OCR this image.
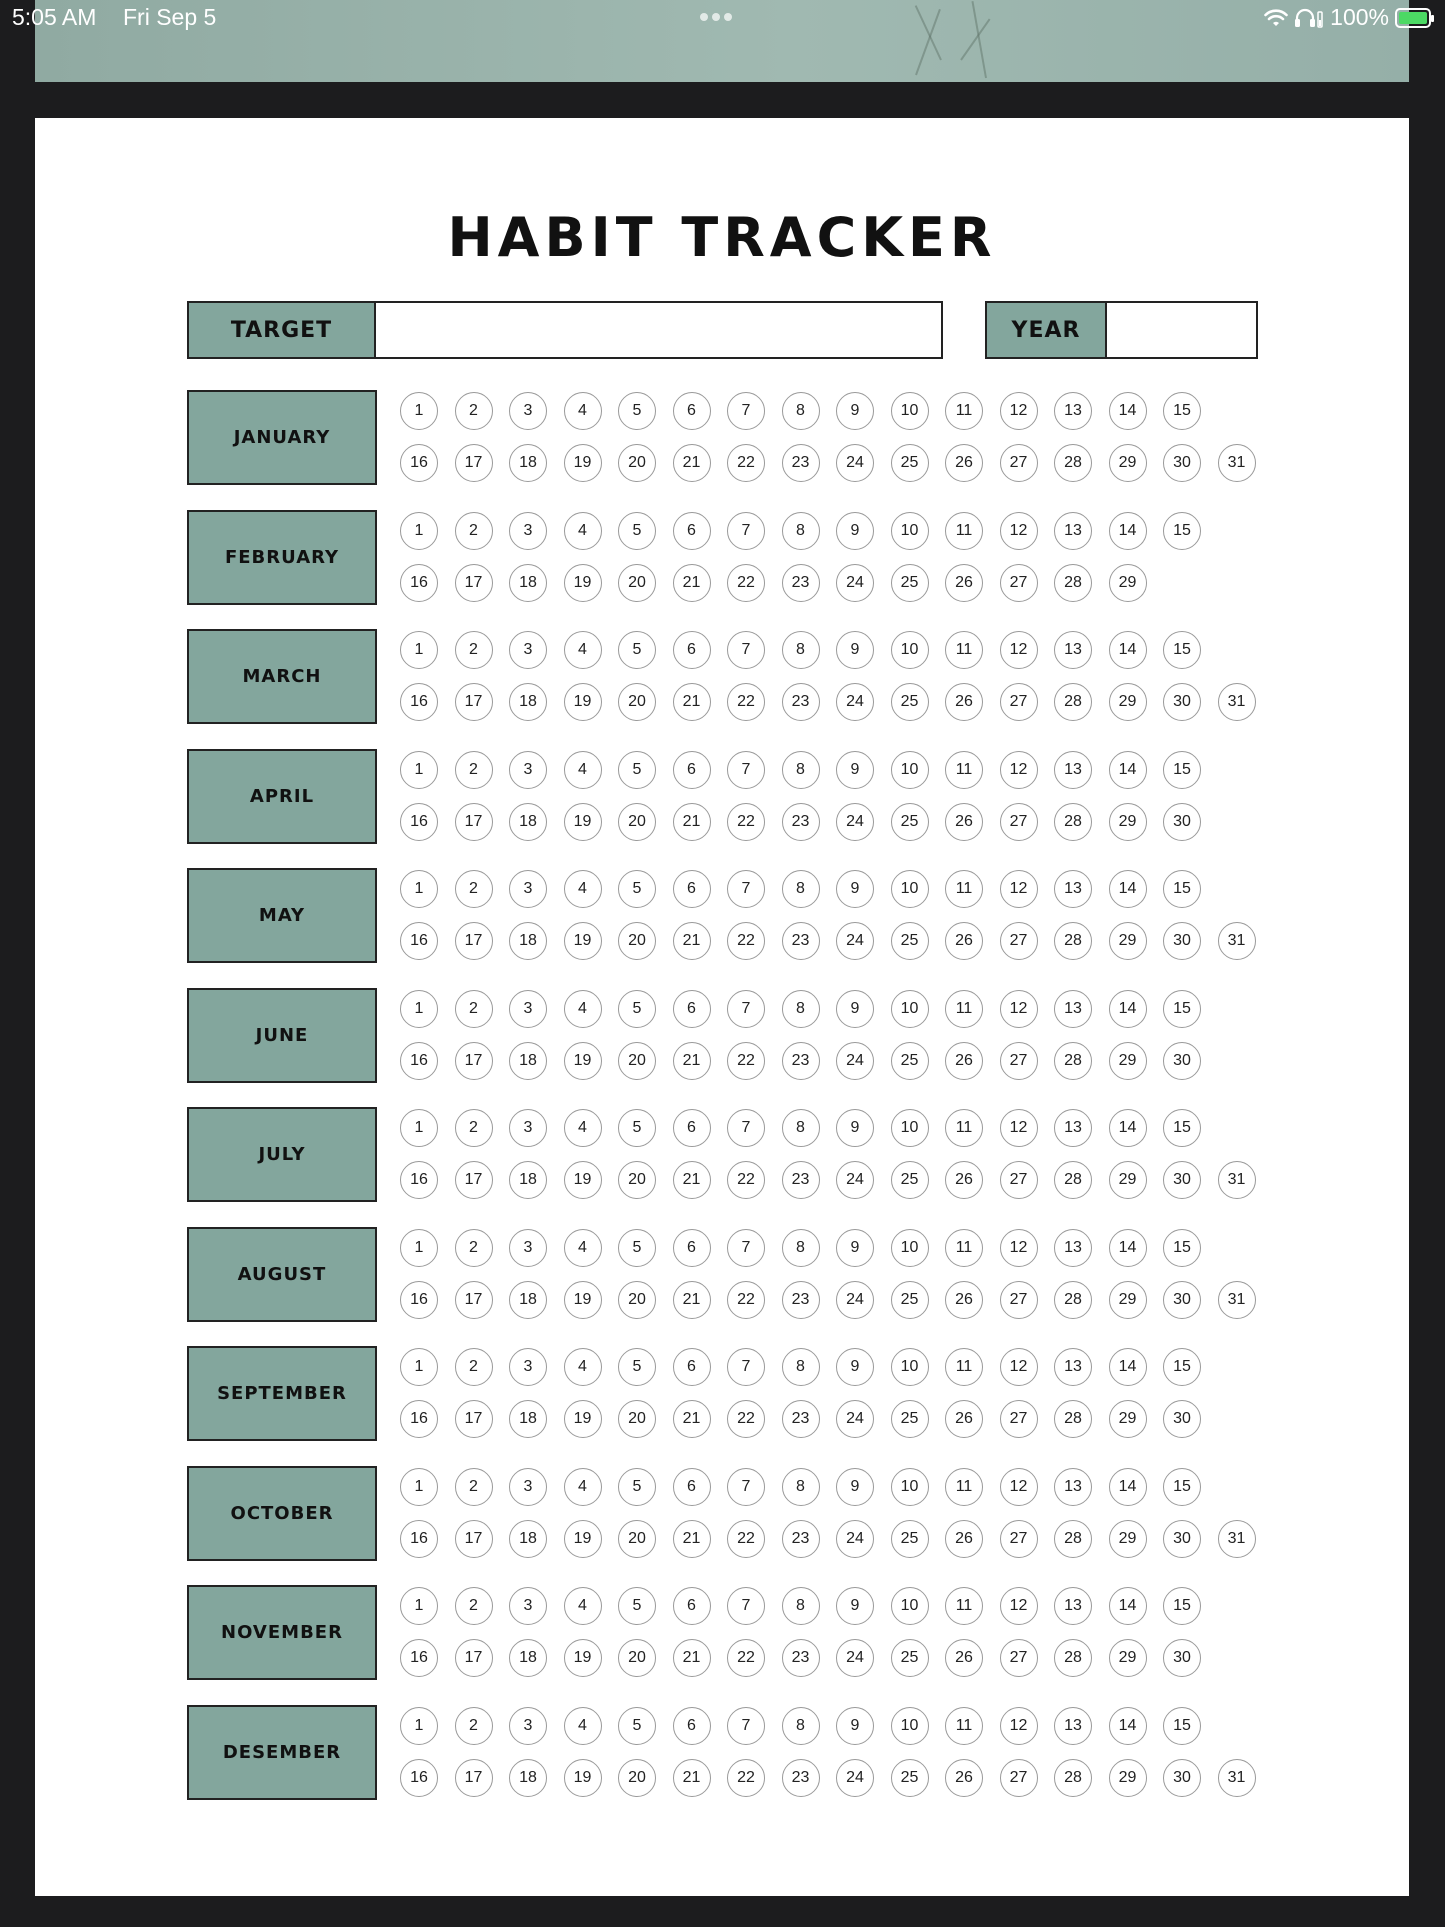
5:05 AM Fri Sep 5	100%
HABIT TRACKER
TARGET	YEAR
JANUARY
1	2	3	4	5	6	7	8	9	10	11	12	13	14	15
16	17	18	19	20	21	22	23	24	25	26	27	28	29	30	31
FEBRUARY
1	2	3	4	5	6	7	8	9	10	11	12	13	14	15
16	17	18	19	20	21	22	23	24	25	26	27	28	29
MARCH
1	2	3	4	5	6	7	8	9	10	11	12	13	14	15
16	17	18	19	20	21	22	23	24	25	26	27	28	29	30	31
APRIL
1	2	3	4	5	6	7	8	9	10	11	12	13	14	15
16	17	18	19	20	21	22	23	24	25	26	27	28	29	30
MAY
1	2	3	4	5	6	7	8	9	10	11	12	13	14	15
16	17	18	19	20	21	22	23	24	25	26	27	28	29	30	31
JUNE
1	2	3	4	5	6	7	8	9	10	11	12	13	14	15
16	17	18	19	20	21	22	23	24	25	26	27	28	29	30
JULY
1	2	3	4	5	6	7	8	9	10	11	12	13	14	15
16	17	18	19	20	21	22	23	24	25	26	27	28	29	30	31
AUGUST
1	2	3	4	5	6	7	8	9	10	11	12	13	14	15
16	17	18	19	20	21	22	23	24	25	26	27	28	29	30	31
SEPTEMBER
1	2	3	4	5	6	7	8	9	10	11	12	13	14	15
16	17	18	19	20	21	22	23	24	25	26	27	28	29	30
OCTOBER
1	2	3	4	5	6	7	8	9	10	11	12	13	14	15
16	17	18	19	20	21	22	23	24	25	26	27	28	29	30	31
NOVEMBER
1	2	3	4	5	6	7	8	9	10	11	12	13	14	15
16	17	18	19	20	21	22	23	24	25	26	27	28	29	30
DESEMBER
1	2	3	4	5	6	7	8	9	10	11	12	13	14	15
16	17	18	19	20	21	22	23	24	25	26	27	28	29	30	31
